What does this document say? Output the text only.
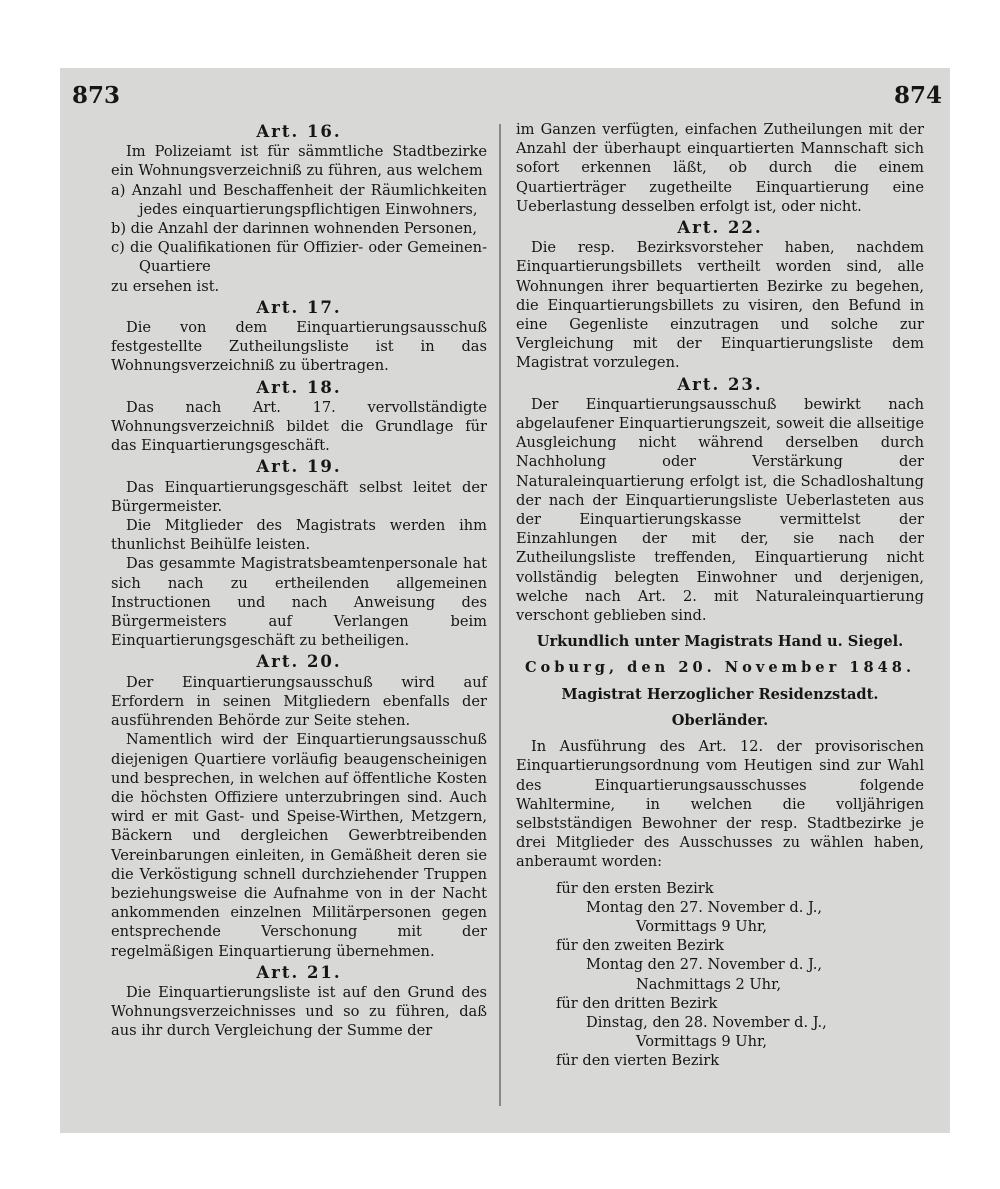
873	874
Art. 16.
Im Polizeiamt ist für sämmtliche Stadtbezirke ein Wohnungsverzeichniß zu führen, aus welchem
a) Anzahl und Beschaffenheit der Räumlichkeiten jedes einquartierungspflichtigen Einwohners,
b) die Anzahl der darinnen wohnenden Personen,
c) die Qualifikationen für Offizier- oder Gemeinen-Quartiere
zu ersehen ist.
Art. 17.
Die von dem Einquartierungsausschuß festgestellte Zutheilungsliste ist in das Wohnungsverzeichniß zu übertragen.
Art. 18.
Das nach Art. 17. vervollständigte Wohnungsverzeichniß bildet die Grundlage für das Einquartierungsgeschäft.
Art. 19.
Das Einquartierungsgeschäft selbst leitet der Bürgermeister.
Die Mitglieder des Magistrats werden ihm thunlichst Beihülfe leisten.
Das gesammte Magistratsbeamtenpersonale hat sich nach zu ertheilenden allgemeinen Instructionen und nach Anweisung des Bürgermeisters auf Verlangen beim Einquartierungsgeschäft zu betheiligen.
Art. 20.
Der Einquartierungsausschuß wird auf Erfordern in seinen Mitgliedern ebenfalls der ausführenden Behörde zur Seite stehen.
Namentlich wird der Einquartierungsausschuß diejenigen Quartiere vorläufig beaugenscheinigen und besprechen, in welchen auf öffentliche Kosten die höchsten Offiziere unterzubringen sind. Auch wird er mit Gast- und Speise-Wirthen, Metzgern, Bäckern und dergleichen Gewerbtreibenden Vereinbarungen einleiten, in Gemäßheit deren sie die Verköstigung schnell durchziehender Truppen beziehungsweise die Aufnahme von in der Nacht ankommenden einzelnen Militärpersonen gegen entsprechende Verschonung mit der regelmäßigen Einquartierung übernehmen.
Art. 21.
Die Einquartierungsliste ist auf den Grund des Wohnungsverzeichnisses und so zu führen, daß aus ihr durch Vergleichung der Summe der
im Ganzen verfügten, einfachen Zutheilungen mit der Anzahl der überhaupt einquartierten Mannschaft sich sofort erkennen läßt, ob durch die einem Quartierträger zugetheilte Einquartierung eine Ueberlastung desselben erfolgt ist, oder nicht.
Art. 22.
Die resp. Bezirksvorsteher haben, nachdem Einquartierungsbillets vertheilt worden sind, alle Wohnungen ihrer bequartierten Bezirke zu begehen, die Einquartierungsbillets zu visiren, den Befund in eine Gegenliste einzutragen und solche zur Vergleichung mit der Einquartierungsliste dem Magistrat vorzulegen.
Art. 23.
Der Einquartierungsausschuß bewirkt nach abgelaufener Einquartierungszeit, soweit die allseitige Ausgleichung nicht während derselben durch Nachholung oder Verstärkung der Naturaleinquartierung erfolgt ist, die Schadloshaltung der nach der Einquartierungsliste Ueberlasteten aus der Einquartierungskasse vermittelst der Einzahlungen der mit der, sie nach der Zutheilungsliste treffenden, Einquartierung nicht vollständig belegten Einwohner und derjenigen, welche nach Art. 2. mit Naturaleinquartierung verschont geblieben sind.
Urkundlich unter Magistrats Hand u. Siegel.
Coburg, den 20. November 1848.
Magistrat Herzoglicher Residenzstadt.
Oberländer.
In Ausführung des Art. 12. der provisorischen Einquartierungsordnung vom Heutigen sind zur Wahl des Einquartierungsausschusses folgende Wahltermine, in welchen die volljährigen selbstständigen Bewohner der resp. Stadtbezirke je drei Mitglieder des Ausschusses zu wählen haben, anberaumt worden:
für den ersten Bezirk
Montag den 27. November d. J.,
Vormittags 9 Uhr,
für den zweiten Bezirk
Montag den 27. November d. J.,
Nachmittags 2 Uhr,
für den dritten Bezirk
Dinstag, den 28. November d. J.,
Vormittags 9 Uhr,
für den vierten Bezirk
